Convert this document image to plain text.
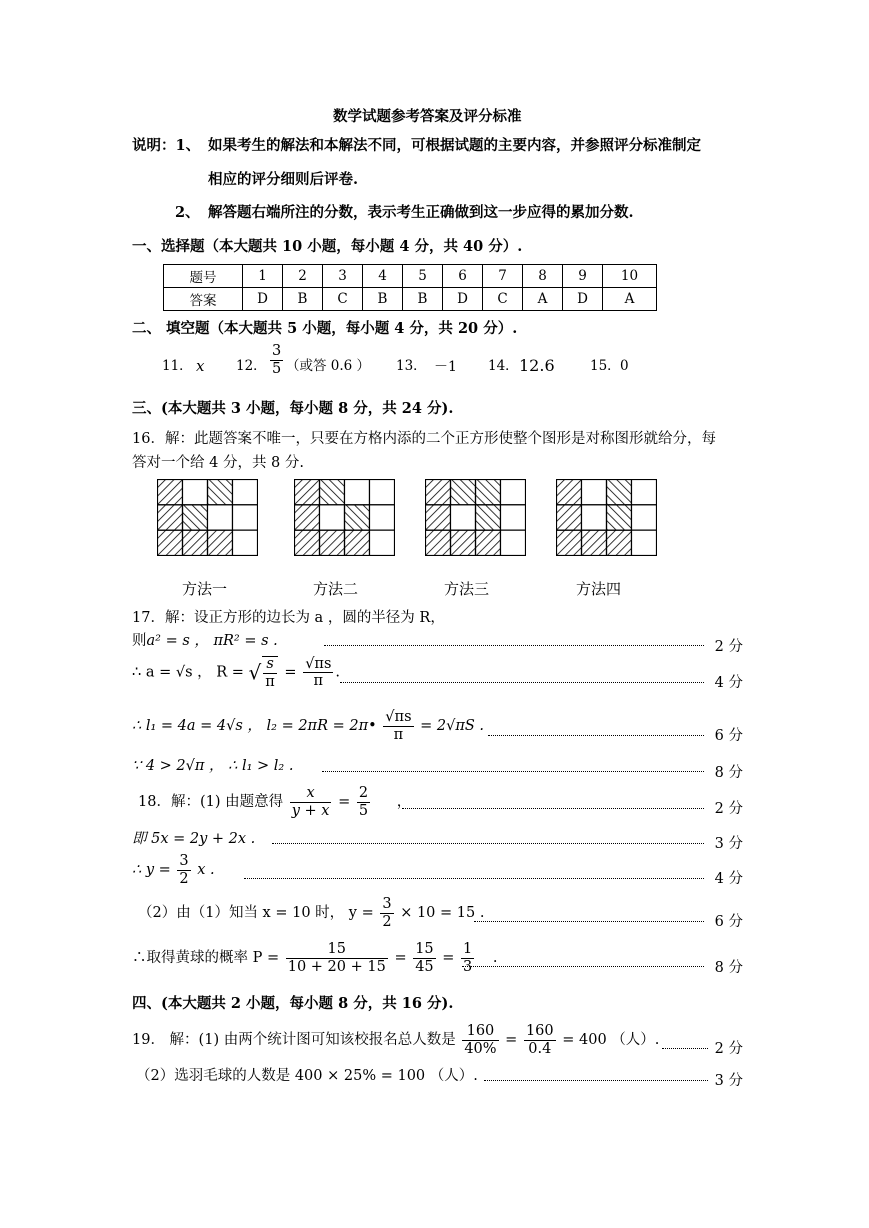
数学试题参考答案及评分标准
说明：1、 如果考生的解法和本解法不同，可根据试题的主要内容，并参照评分标准制定
相应的评分细则后评卷.
2、 解答题右端所注的分数，表示考生正确做到这一步应得的累加分数.
一、选择题（本大题共 10 小题，每小题 4 分，共 40 分）.
题号	1	2	3	4	5	6	7	8	9	10
答案	D	B	C	B	B	D	C	A	D	A
二、 填空题（本大题共 5 小题，每小题 4 分，共 20 分）.
11． x 12． $\frac{3}{5}$ （或答 0.6 ） 13． －1 14． 12.6	15． 0
三、(本大题共 3 小题，每小题 8 分，共 24 分).
16．解：此题答案不唯一，只要在方格内添的二个正方形使整个图形是对称图形就给分，每
答对一个给 4 分，共 8 分.
方法一	方法二	方法三	方法四
17．解：设正方形的边长为 a ，圆的半径为 R，
则a² = s ， πR² = s .	2 分
∴ a = √s ， R = √ $\frac{s}{\pi} = \frac{√\pi s}{\pi}$ .
4 分
∴ l₁ = 4a = 4√s ， l₂ = 2πR = 2π• $\frac{√\pi s}{\pi} = 2√\pi S$ .
6 分
∵ 4 > 2√π ， ∴ l₁ > l₂ .	8 分
18．解：(1) 由题意得 $\frac{x}{y + x} = \frac{2}{5}$ ，	2 分
即 5x = 2y + 2x .	3 分
∴ $y = \frac{3}{2}$ x .
4 分
（2）由（1）知当 x = 10 时， $y = \frac{3}{2} \times 10 = 15$ .
6 分
∴取得黄球的概率 $P = \frac{15}{10 + 20 + 15} = \frac{15}{45} = \frac{1}{3}$ .
8 分
四、(本大题共 2 小题，每小题 8 分，共 16 分).
19． 解：(1) 由两个统计图可知该校报名总人数是 $\frac{160}{40\%} = \frac{160}{0.4} = 400$ （人）.
2 分
（2）选羽毛球的人数是 400 × 25% = 100 （人）.	3 分
